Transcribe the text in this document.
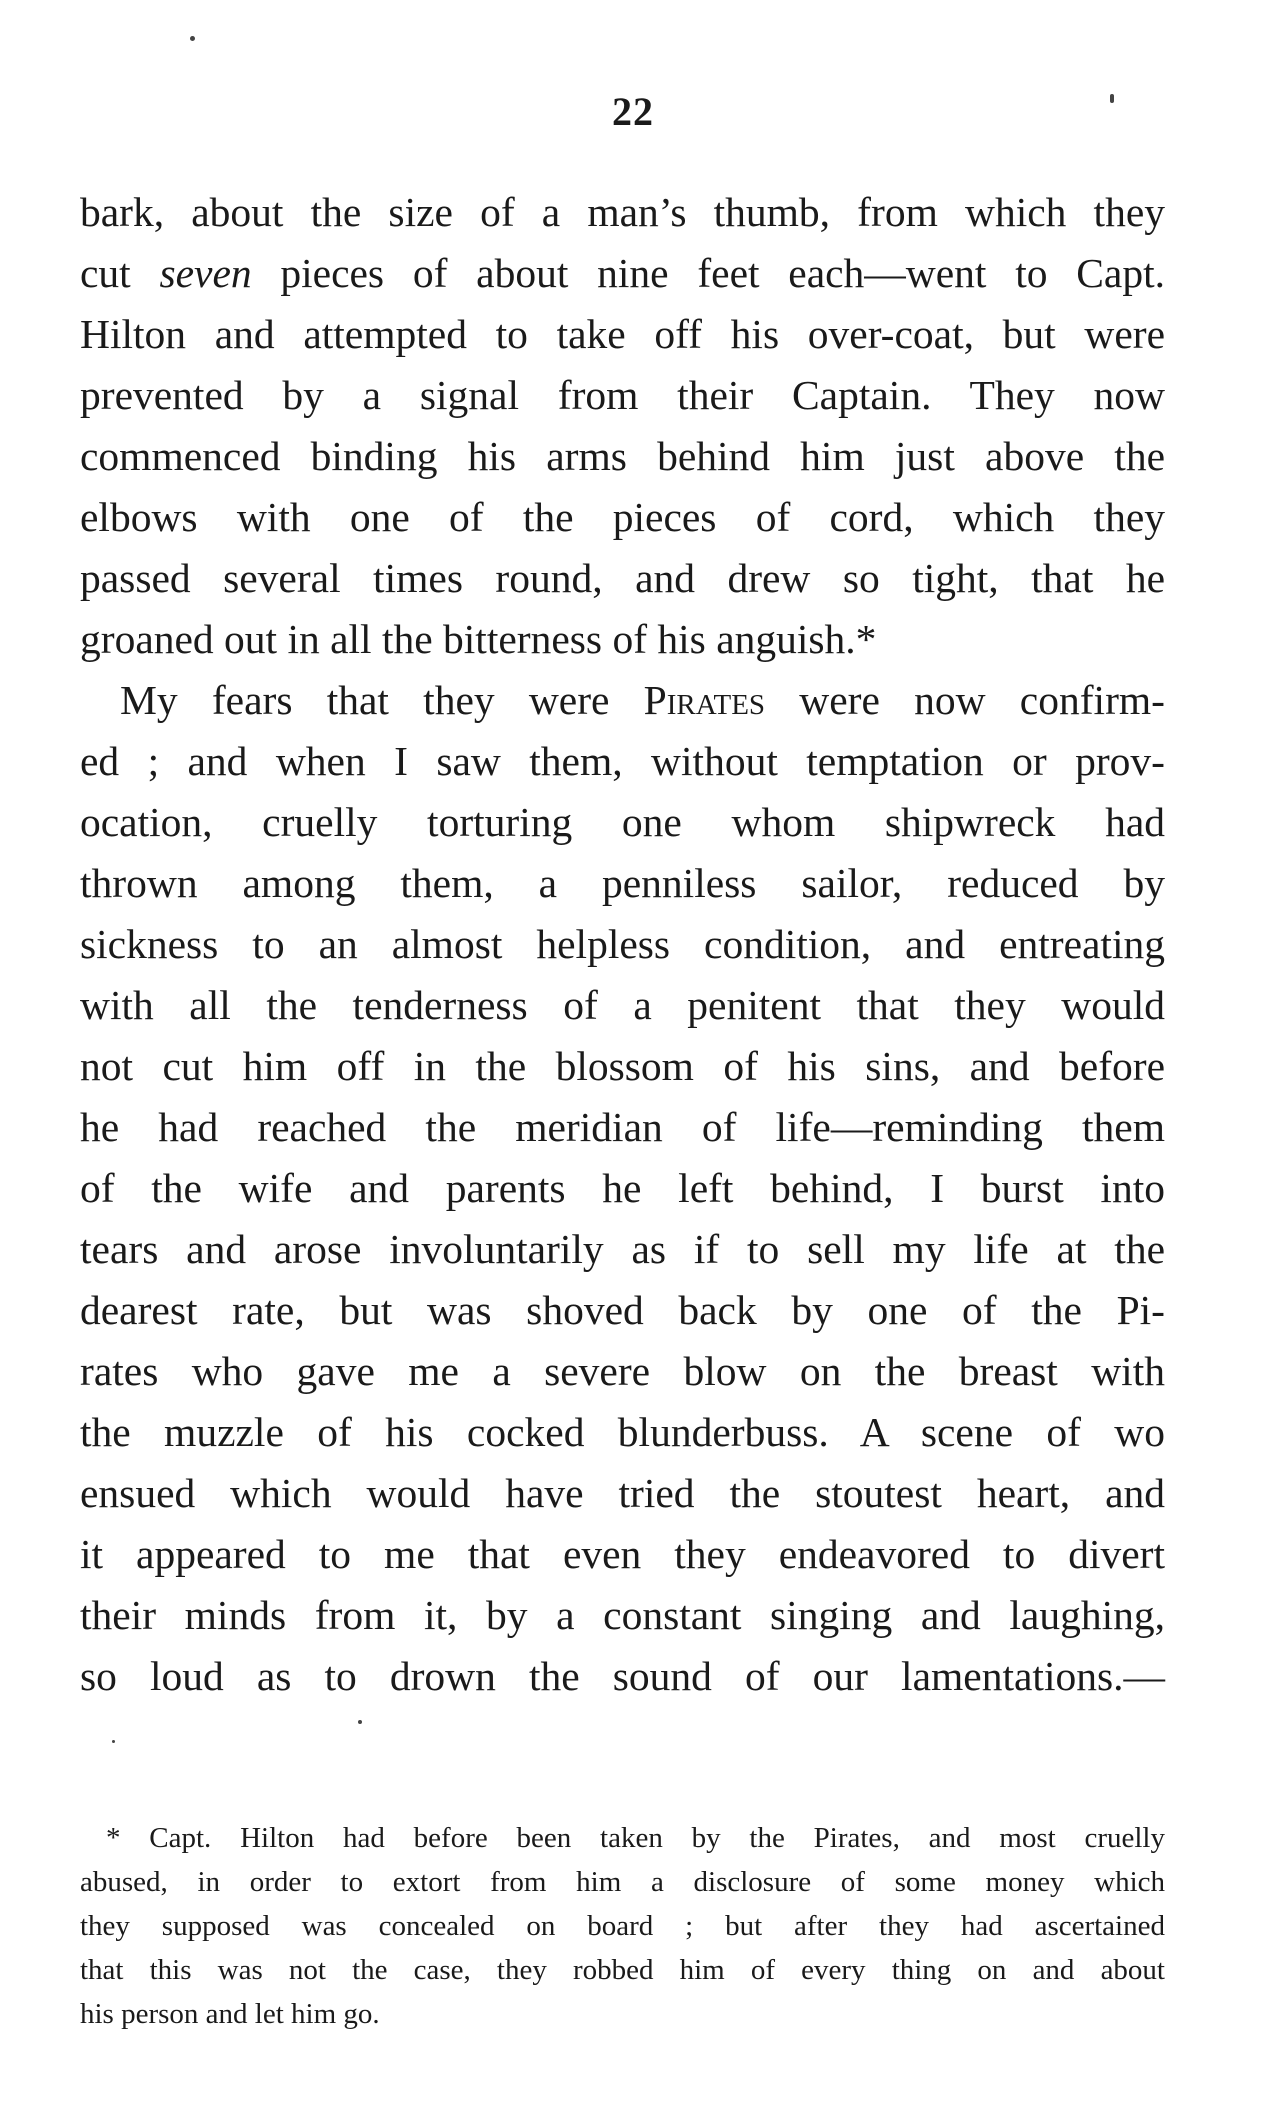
22
bark, about the size of a man’s thumb, from which they
cut seven pieces of about nine feet each—went to Capt.
Hilton and attempted to take off his over-coat, but were
prevented by a signal from their Captain. They now
commenced binding his arms behind him just above the
elbows with one of the pieces of cord, which they
passed several times round, and drew so tight, that he
groaned out in all the bitterness of his anguish.*
My fears that they were Pirates were now confirm-
ed ; and when I saw them, without temptation or prov-
ocation, cruelly torturing one whom shipwreck had
thrown among them, a penniless sailor, reduced by
sickness to an almost helpless condition, and entreating
with all the tenderness of a penitent that they would
not cut him off in the blossom of his sins, and before
he had reached the meridian of life—reminding them
of the wife and parents he left behind, I burst into
tears and arose involuntarily as if to sell my life at the
dearest rate, but was shoved back by one of the Pi-
rates who gave me a severe blow on the breast with
the muzzle of his cocked blunderbuss. A scene of wo
ensued which would have tried the stoutest heart, and
it appeared to me that even they endeavored to divert
their minds from it, by a constant singing and laughing,
so loud as to drown the sound of our lamentations.—
* Capt. Hilton had before been taken by the Pirates, and most cruelly
abused, in order to extort from him a disclosure of some money which
they supposed was concealed on board ; but after they had ascertained
that this was not the case, they robbed him of every thing on and about
his person and let him go.
